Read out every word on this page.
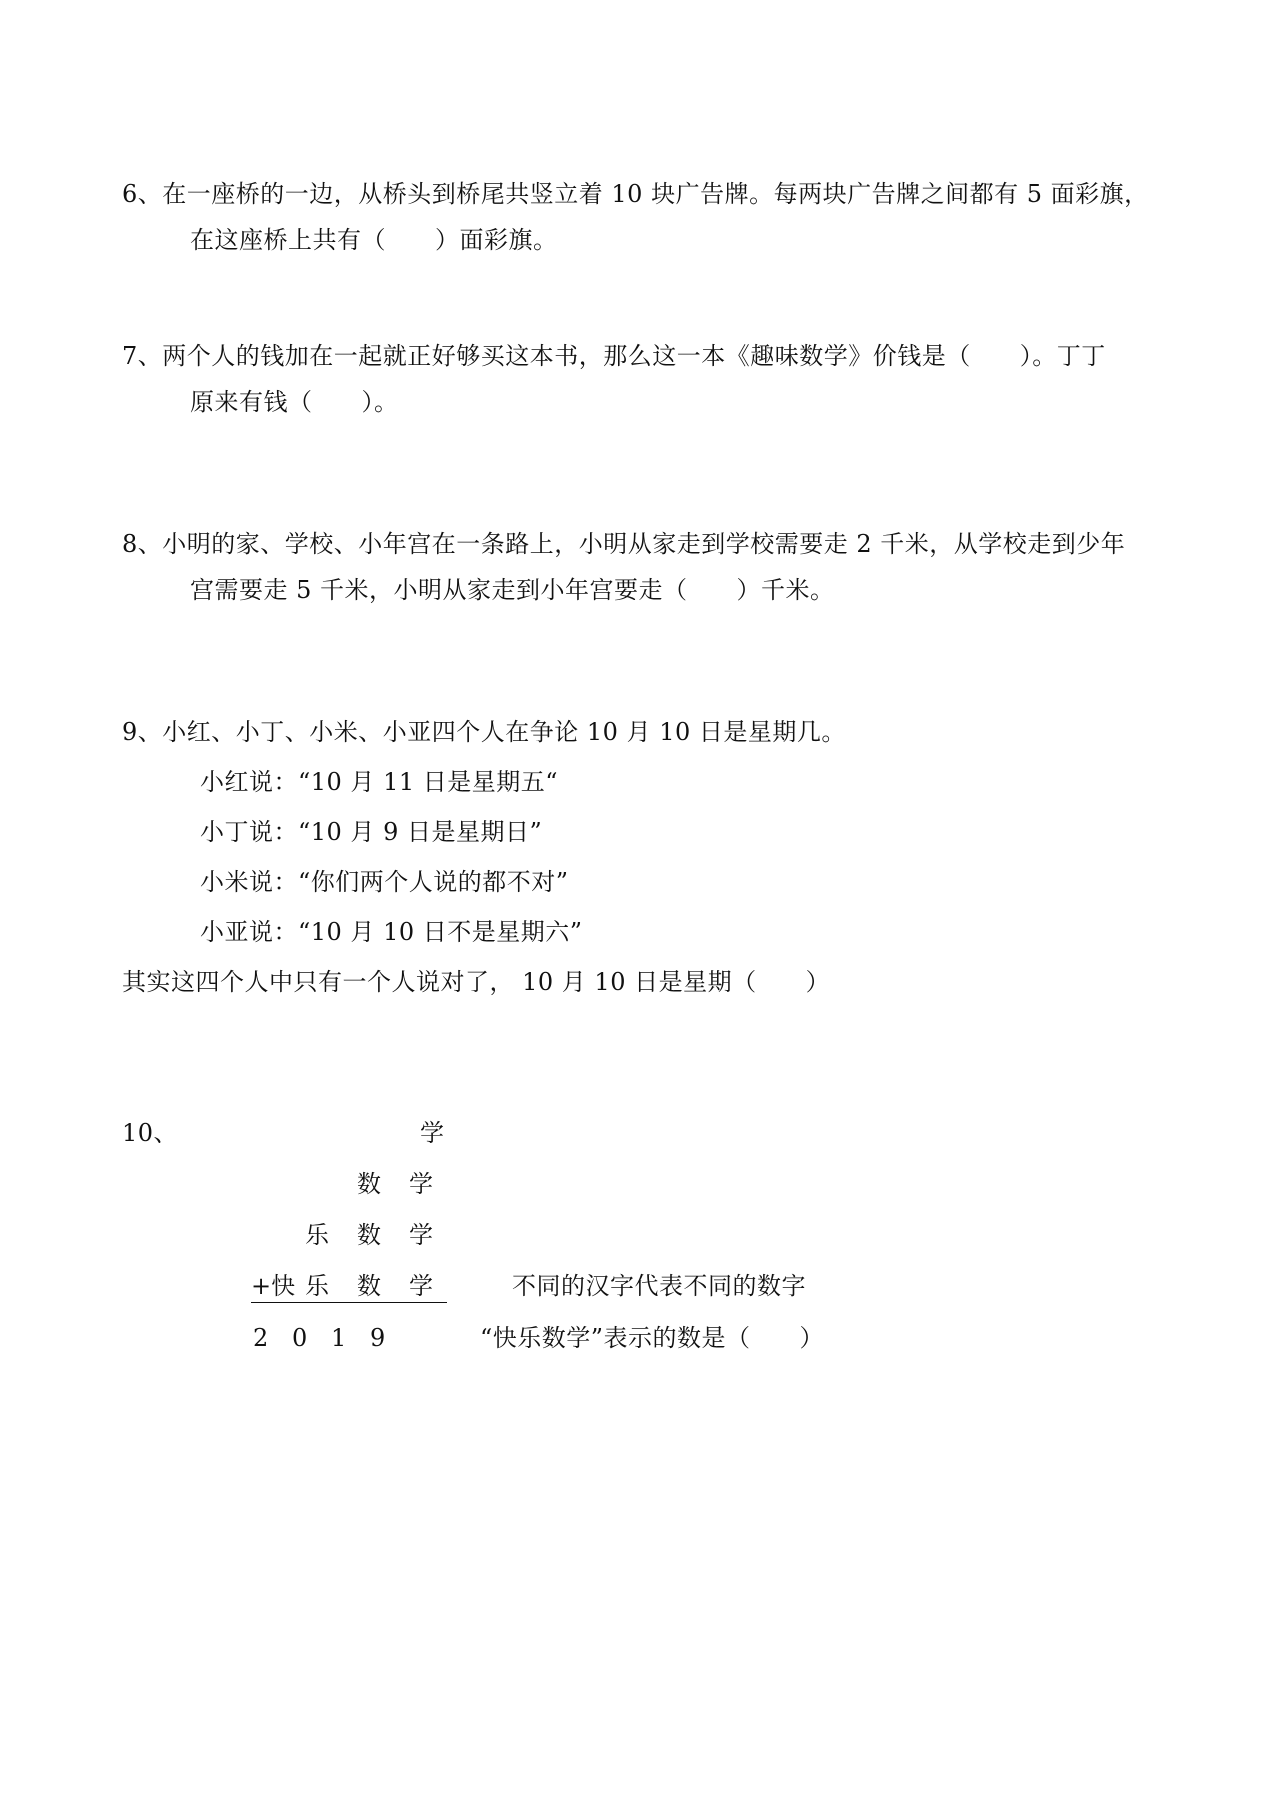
6、在一座桥的一边，从桥头到桥尾共竖立着 10 块广告牌。每两块广告牌之间都有 5 面彩旗，
在这座桥上共有（　　）面彩旗。
7、两个人的钱加在一起就正好够买这本书，那么这一本《趣味数学》价钱是（　　）。丁丁
原来有钱（　　）。
8、小明的家、学校、小年宫在一条路上，小明从家走到学校需要走 2 千米，从学校走到少年
宫需要走 5 千米，小明从家走到小年宫要走（　　）千米。
9、小红、小丁、小米、小亚四个人在争论 10 月 10 日是星期几。
小红说：“10 月 11 日是星期五“
小丁说：“10 月 9 日是星期日”
小米说：“你们两个人说的都不对”
小亚说：“10 月 10 日不是星期六”
其实这四个人中只有一个人说对了， 10 月 10 日是星期（　　）
10、	学
数 学
乐 数 学
+快 乐 数 学
2 0 1 9
不同的汉字代表不同的数字
“快乐数学”表示的数是（　　）
